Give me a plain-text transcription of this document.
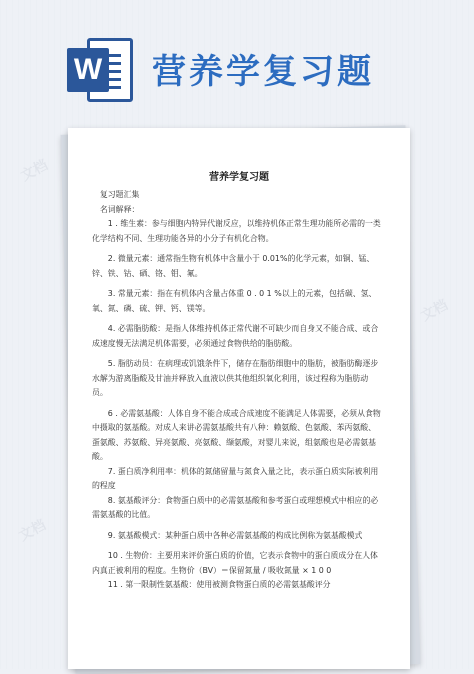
文档
文档
文档
W 营养学复习题
营养学复习题

复习题汇集

名词解释：

1 . 维生素：参与细胞内特异代谢反应，以维持机体正常生理功能所必需的一类化学结构不同、生理功能各异的小分子有机化合物。

2. 微量元素：通常指生物有机体中含量小于 0.01%的化学元素，如铜、锰、锌、铁、钴、硒、铬、钼、氟。

3. 常量元素：指在有机体内含量占体重 0 . 0 1 %以上的元素，包括碳、氢、氧、氮、磷、硫、钾、钙、镁等。

4. 必需脂肪酸：是指人体维持机体正常代谢不可缺少而自身又不能合成、或合成速度慢无法满足机体需要，必须通过食物供给的脂肪酸。

5. 脂肪动员：在病理或饥饿条件下，储存在脂肪细胞中的脂肪，被脂肪酶逐步水解为游离脂酸及甘油并释放入血液以供其他组织氧化利用，该过程称为脂肪动员。

6 . 必需氨基酸：人体自身不能合成或合成速度不能满足人体需要，必须从食物中摄取的氨基酸。对成人来讲必需氨基酸共有八种：赖氨酸、色氨酸、苯丙氨酸、蛋氨酸、苏氨酸、异亮氨酸、亮氨酸、缬氨酸，对婴儿来说，组氨酸也是必需氨基酸。

7. 蛋白质净利用率：机体的氮储留量与氮食入量之比，表示蛋白质实际被利用的程度

8. 氨基酸评分：食物蛋白质中的必需氨基酸和参考蛋白或理想模式中相应的必需氨基酸的比值。

9. 氨基酸模式：某种蛋白质中各种必需氨基酸的构成比例称为氨基酸模式

10 . 生物价：主要用来评价蛋白质的价值，它表示食物中的蛋白质成分在人体内真正被利用的程度。生物价（BV）＝保留氮量 / 吸收氮量 × 1 0 0

11 . 第一限制性氨基酸：使用被测食物蛋白质的必需氨基酸评分
